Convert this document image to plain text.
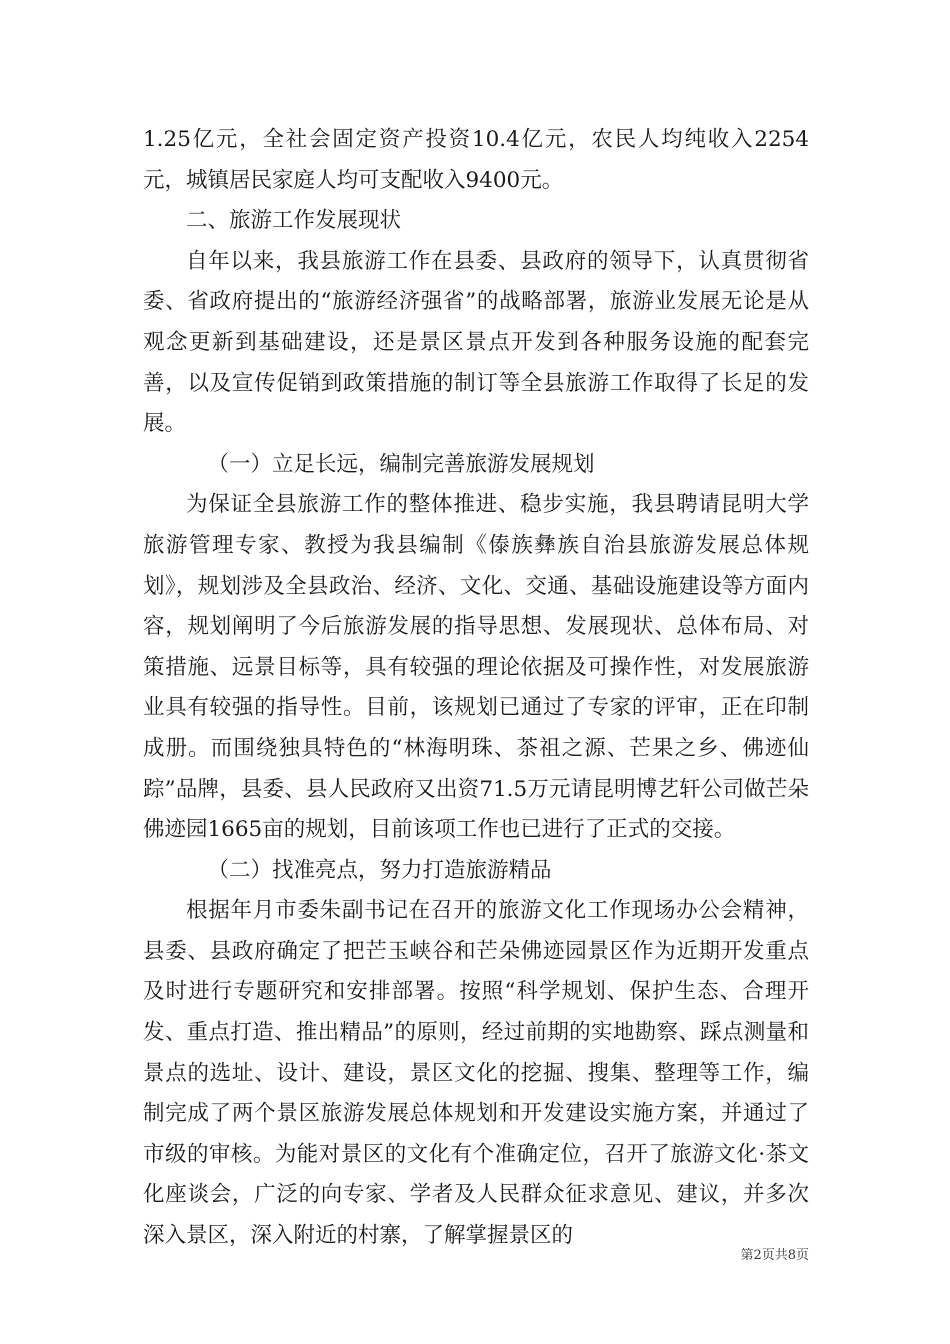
1.25亿元，全社会固定资产投资10.4亿元，农民人均纯收入2254元，城镇居民家庭人均可支配收入9400元。

二、旅游工作发展现状

自年以来，我县旅游工作在县委、县政府的领导下，认真贯彻省委、省政府提出的“旅游经济强省”的战略部署，旅游业发展无论是从观念更新到基础建设，还是景区景点开发到各种服务设施的配套完善，以及宣传促销到政策措施的制订等全县旅游工作取得了长足的发展。

（一）立足长远，编制完善旅游发展规划

为保证全县旅游工作的整体推进、稳步实施，我县聘请昆明大学旅游管理专家、教授为我县编制《傣族彝族自治县旅游发展总体规划》，规划涉及全县政治、经济、文化、交通、基础设施建设等方面内容，规划阐明了今后旅游发展的指导思想、发展现状、总体布局、对策措施、远景目标等，具有较强的理论依据及可操作性，对发展旅游业具有较强的指导性。目前，该规划已通过了专家的评审，正在印制成册。而围绕独具特色的“林海明珠、茶祖之源、芒果之乡、佛迹仙踪”品牌，县委、县人民政府又出资71.5万元请昆明博艺轩公司做芒朵佛迹园1665亩的规划，目前该项工作也已进行了正式的交接。

（二）找准亮点，努力打造旅游精品

根据年月市委朱副书记在召开的旅游文化工作现场办公会精神，县委、县政府确定了把芒玉峡谷和芒朵佛迹园景区作为近期开发重点及时进行专题研究和安排部署。按照“科学规划、保护生态、合理开发、重点打造、推出精品”的原则，经过前期的实地勘察、踩点测量和景点的选址、设计、建设，景区文化的挖掘、搜集、整理等工作，编制完成了两个景区旅游发展总体规划和开发建设实施方案，并通过了市级的审核。为能对景区的文化有个准确定位，召开了旅游文化·茶文化座谈会，广泛的向专家、学者及人民群众征求意见、建议，并多次深入景区，深入附近的村寨，了解掌握景区的

第2页共8页
